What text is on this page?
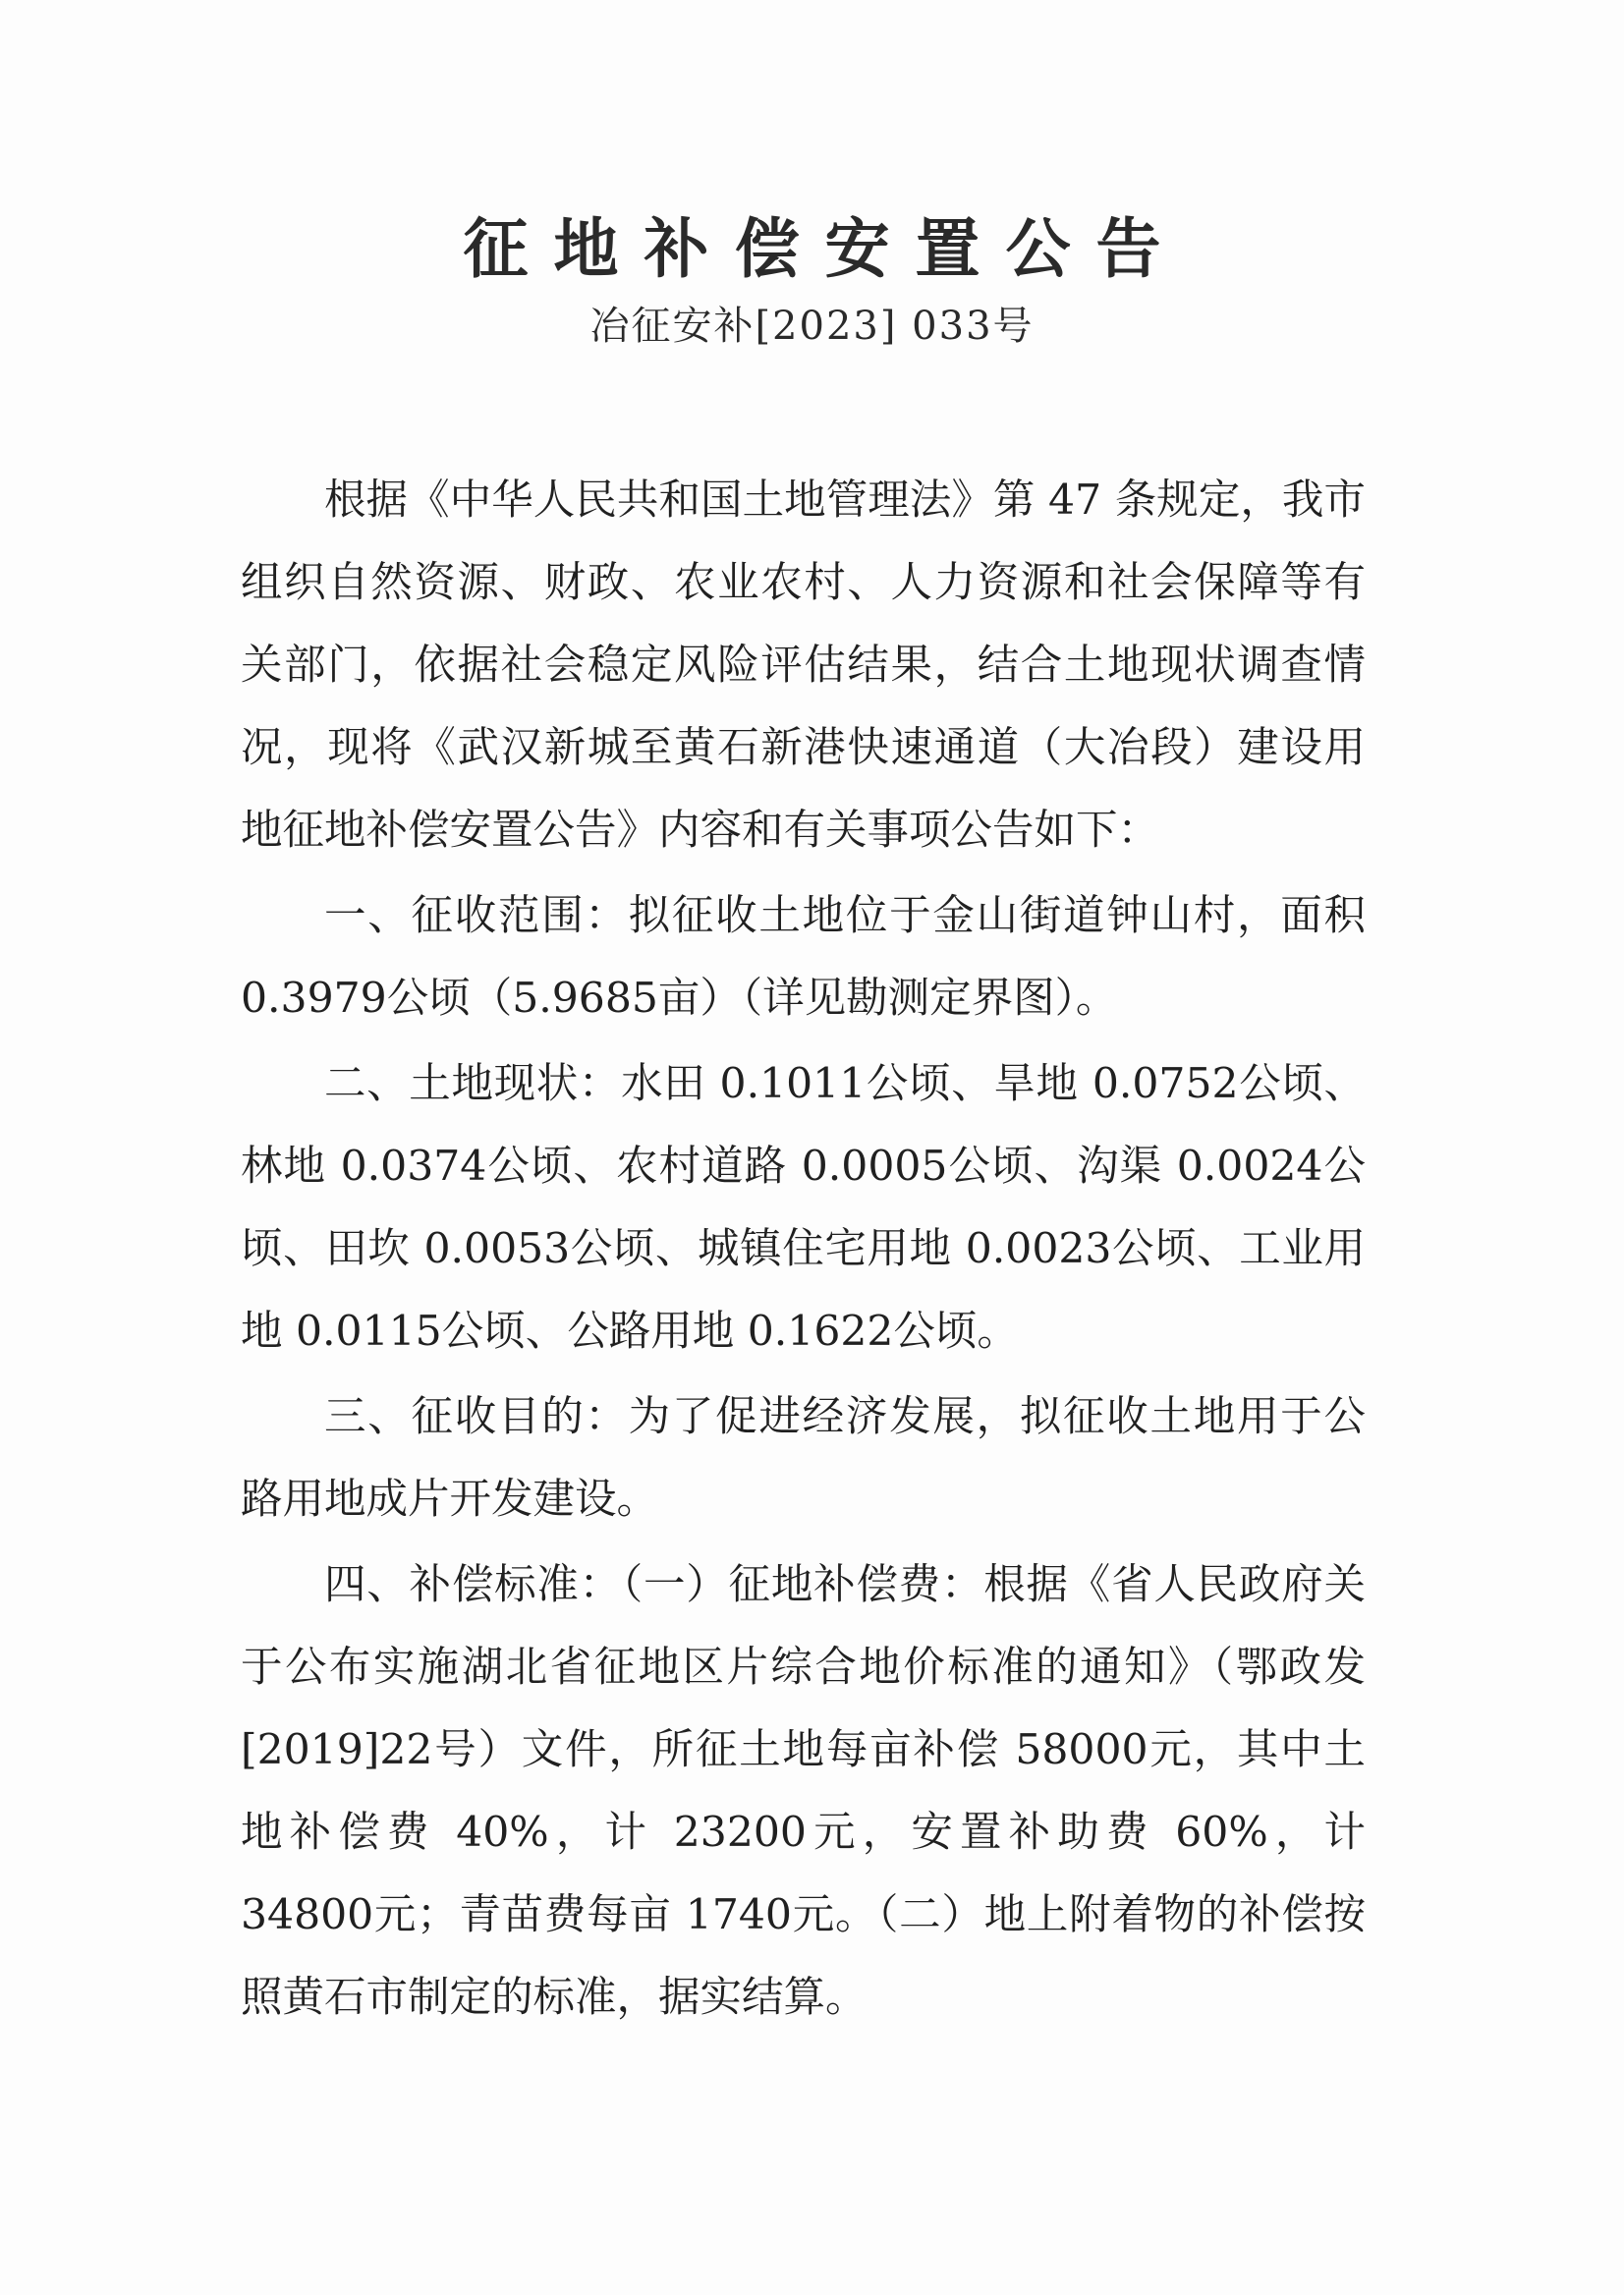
征地补偿安置公告
冶征安补[2023] 033号

根据《中华人民共和国土地管理法》第 47 条规定，我市组织自然资源、财政、农业农村、人力资源和社会保障等有关部门，依据社会稳定风险评估结果，结合土地现状调查情况，现将《武汉新城至黄石新港快速通道（大冶段）建设用地征地补偿安置公告》内容和有关事项公告如下：

一、征收范围：拟征收土地位于金山街道钟山村，面积0.3979公顷（5.9685亩）（详见勘测定界图）。

二、土地现状：水田 0.1011公顷、旱地 0.0752公顷、林地 0.0374公顷、农村道路 0.0005公顷、沟渠 0.0024公顷、田坎 0.0053公顷、城镇住宅用地 0.0023公顷、工业用地 0.0115公顷、公路用地 0.1622公顷。

三、征收目的：为了促进经济发展，拟征收土地用于公路用地成片开发建设。

四、补偿标准：（一）征地补偿费：根据《省人民政府关于公布实施湖北省征地区片综合地价标准的通知》（鄂政发[2019]22号）文件，所征土地每亩补偿 58000元，其中土地补偿费 40%，计 23200元，安置补助费 60%，计 34800元；青苗费每亩 1740元。（二）地上附着物的补偿按照黄石市制定的标准，据实结算。
